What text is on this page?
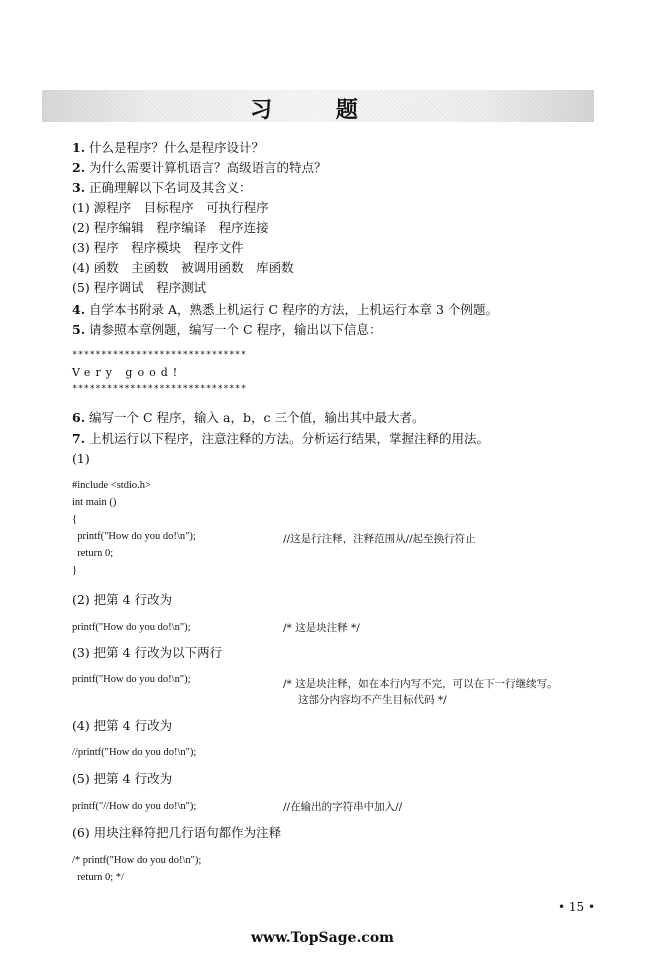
习 题
1. 什么是程序？什么是程序设计？
2. 为什么需要计算机语言？高级语言的特点？
3. 正确理解以下名词及其含义：
(1) 源程序　目标程序　可执行程序
(2) 程序编辑　程序编译　程序连接
(3) 程序　程序模块　程序文件
(4) 函数　主函数　被调用函数　库函数
(5) 程序调试　程序测试
4. 自学本书附录 A，熟悉上机运行 C 程序的方法，上机运行本章 3 个例题。
5. 请参照本章例题，编写一个 C 程序，输出以下信息：
******************************
Very good!
******************************
6. 编写一个 C 程序，输入 a，b，c 三个值，输出其中最大者。
7. 上机运行以下程序，注意注释的方法。分析运行结果，掌握注释的用法。
(1)
#include <stdio.h>
int main ()
{
printf("How do you do!\n");	//这是行注释，注释范围从//起至换行符止
return 0;
}
(2) 把第 4 行改为
printf("How do you do!\n");	/* 这是块注释 */
(3) 把第 4 行改为以下两行
printf("How do you do!\n");	/* 这是块注释，如在本行内写不完，可以在下一行继续写。
这部分内容均不产生目标代码 */
(4) 把第 4 行改为
//printf("How do you do!\n");
(5) 把第 4 行改为
printf("//How do you do!\n");	//在输出的字符串中加入//
(6) 用块注释符把几行语句都作为注释
/* printf("How do you do!\n");
return 0; */
• 15 •
www.TopSage.com
